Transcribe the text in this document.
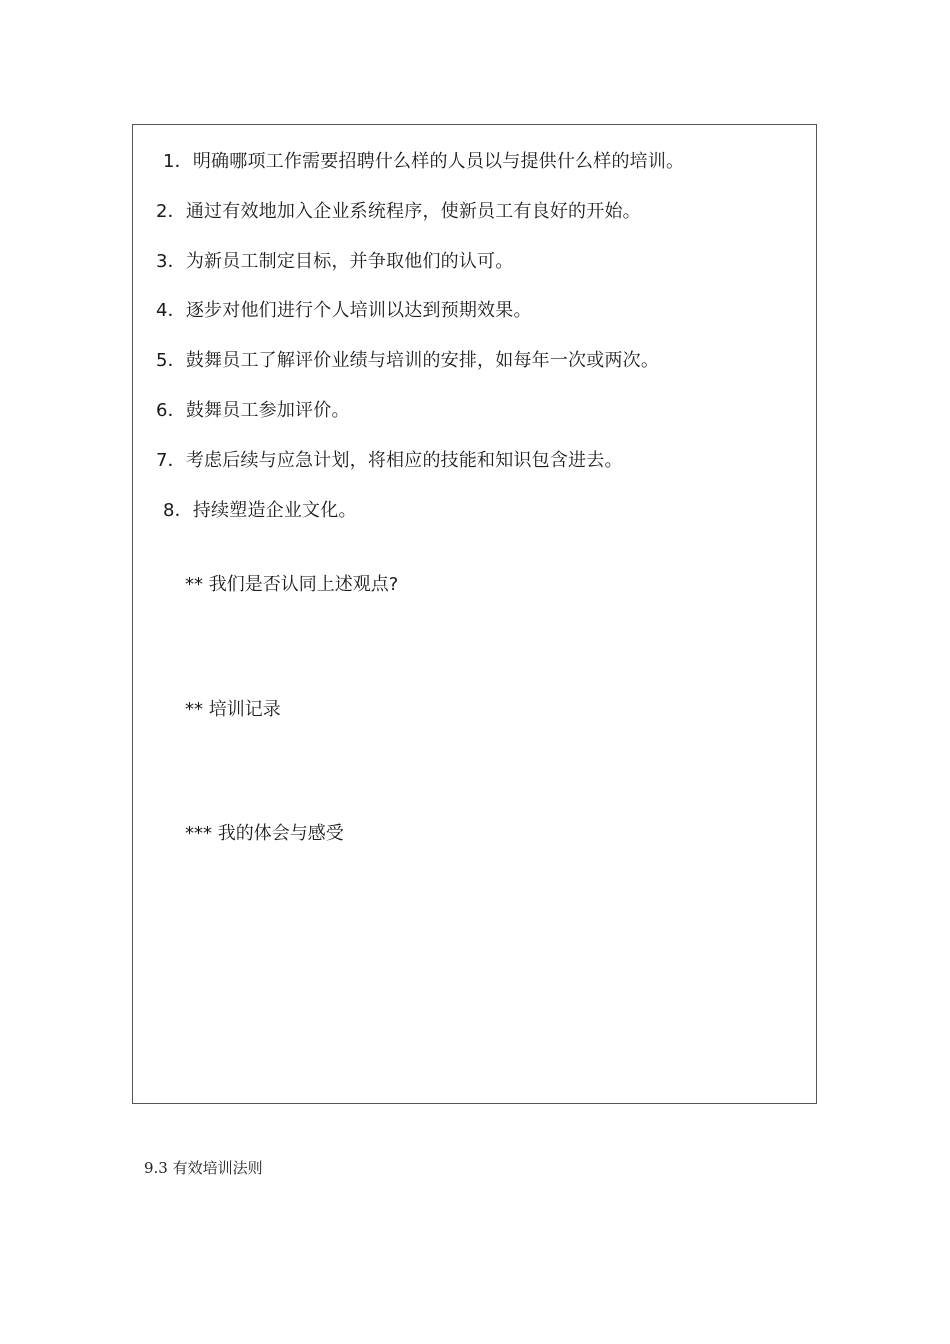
1．明确哪项工作需要招聘什么样的人员以与提供什么样的培训。
2．通过有效地加入企业系统程序，使新员工有良好的开始。
3．为新员工制定目标，并争取他们的认可。
4．逐步对他们进行个人培训以达到预期效果。
5．鼓舞员工了解评价业绩与培训的安排，如每年一次或两次。
6．鼓舞员工参加评价。
7．考虑后续与应急计划，将相应的技能和知识包含进去。
8．持续塑造企业文化。
** 我们是否认同上述观点?
** 培训记录
*** 我的体会与感受
9.3 有效培训法则
